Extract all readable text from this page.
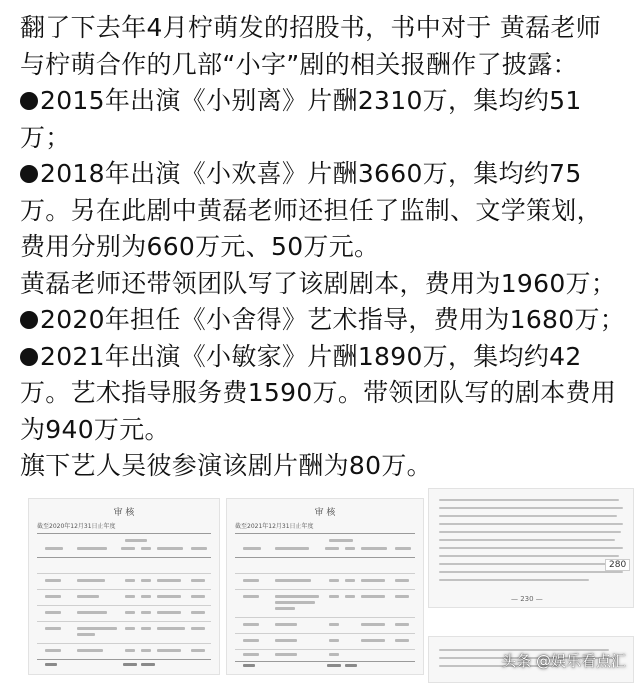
翻了下去年4月柠萌发的招股书，书中对于 黄磊老师
与柠萌合作的几部“小字”剧的相关报酬作了披露：
2015年出演《小别离》片酬2310万，集均约51
万；
2018年出演《小欢喜》片酬3660万，集均约75
万。另在此剧中黄磊老师还担任了监制、文学策划，
费用分别为660万元、50万元。
黄磊老师还带领团队写了该剧剧本，费用为1960万；
2020年担任《小舍得》艺术指导，费用为1680万；
2021年出演《小敏家》片酬1890万，集均约42
万。艺术指导服务费1590万。带领团队写的剧本费用
为940万元。
旗下艺人吴彼参演该剧片酬为80万。
审 核
截至2020年12月31日止年度
审 核
截至2021年12月31日止年度
280
— 230 —
头条 @娱乐看点汇
